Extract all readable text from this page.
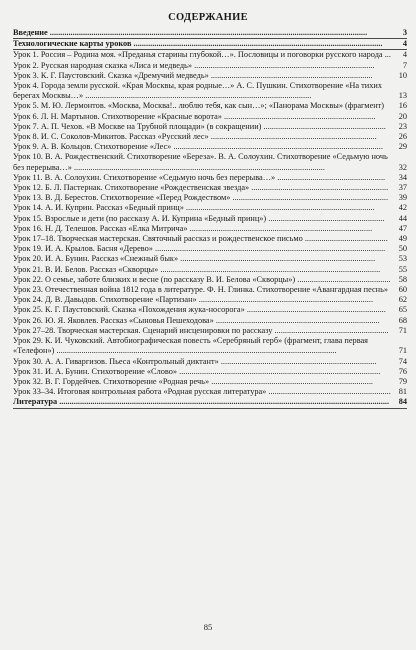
СОДЕРЖАНИЕ
Введение .........................................................................................................................................................	3
Технологические карты уроков ........................................................................................................................	4
Урок 1. Россия – Родина моя. «Преданья старины глубокой…». Пословицы и поговорки русского народа ...	4
Урок 2. Русская народная сказка «Лиса и медведь» .......................................................................................	7
Урок 3. К. Г. Паустовский. Сказка «Дремучий медведь» ..............................................................................	10
Урок 4. Города земли русской. «Края Москвы, края родные…» А. С. Пушкин. Стихотворение «На тихих берегах Москвы…» .............................................................................................................	13
Урок 5. М. Ю. Лермонтов. «Москва, Москва!.. люблю тебя, как сын…»; «Панорама Москвы» (фрагмент)	16
Урок 6. Л. Н. Мартынов. Стихотворение «Красные ворота» .........................................................................	20
Урок 7. А. П. Чехов. «В Москве на Трубной площади» (в сокращении) ...........................................................	23
Урок 8. И. С. Соколов-Микитов. Рассказ «Русский лес» ................................................................................	26
Урок 9. А. В. Кольцов. Стихотворение «Лес» .....................................................................................................	29
Урок 10. В. А. Рождественский. Стихотворение «Береза». В. А. Солоухин. Стихотворение «Седьмую ночь без перерыва…» .........................................................................................................................	32
Урок 11. В. А. Солоухин. Стихотворение «Седьмую ночь без перерыва…» ....................................................	34
Урок 12. Б. Л. Пастернак. Стихотворение «Рождественская звезда» ..................................................................	37
Урок 13. В. Д. Берестов. Стихотворение «Перед Рождеством» ...........................................................................	39
Урок 14. А. И. Куприн. Рассказ «Бедный принц» ...........................................................................................	42
Урок 15. Взрослые и дети (по рассказу А. И. Куприна «Бедный принц») ........................................................	44
Урок 16. Н. Д. Телешов. Рассказ «Елка Митрича» ........................................................................................	47
Урок 17–18. Творческая мастерская. Святочный рассказ и рождественское письмо ........................................	49
Урок 19. И. А. Крылов. Басня «Дерево» ...............................................................................................................	50
Урок 20. И. А. Бунин. Рассказ «Снежный бык» ..............................................................................................	53
Урок 21. В. И. Белов. Рассказ «Скворцы» ..........................................................................................................	55
Урок 22. О семье, заботе близких и весне (по рассказу В. И. Белова «Скворцы») ............................................. 58
Урок 23. Отечественная война 1812 года в литературе. Ф. Н. Глинка. Стихотворение «Авангардная песнь»	60
Урок 24. Д. В. Давыдов. Стихотворение «Партизан» ....................................................................................	62
Урок 25. К. Г. Паустовский. Сказка «Похождения жука-носорога» ...................................................................	65
Урок 26. Ю. Я. Яковлев. Рассказ «Сыновья Пешеходова» ...............................................................................	68
Урок 27–28. Творческая мастерская. Сценарий инсценировки по рассказу .......................................................	71
Урок 29. К. И. Чуковский. Автобиографическая повесть «Серебряный герб» (фрагмент, глава первая «Телефон») .......................................................................................................................................	71
Урок 30. А. А. Гиваргизов. Пьеса «Контрольный диктант» ...........................................................................	74
Урок 31. И. А. Бунин. Стихотворение «Слово» .................................................................................................	76
Урок 32. В. Г. Гордейчев. Стихотворение «Родная речь» ..............................................................................	79
Урок 33–34. Итоговая контрольная работа «Родная русская литература» ........................................................... 81
Литература ...............................................................................................................................................................	84
85
